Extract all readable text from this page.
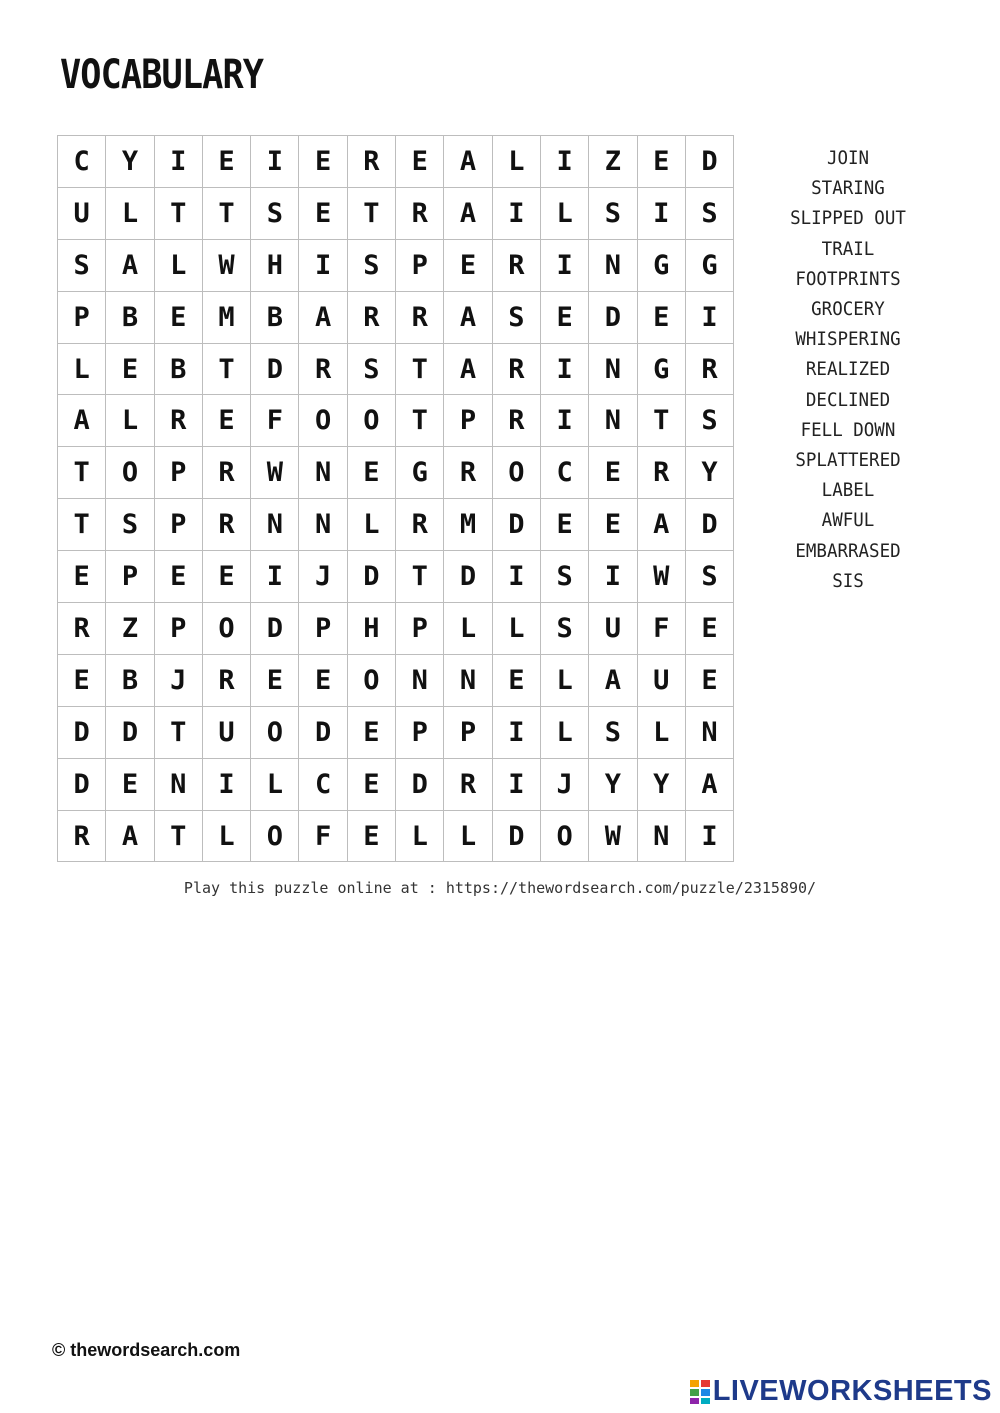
VOCABULARY
C	Y	I	E	I	E	R	E	A	L	I	Z	E	D
U	L	T	T	S	E	T	R	A	I	L	S	I	S
S	A	L	W	H	I	S	P	E	R	I	N	G	G
P	B	E	M	B	A	R	R	A	S	E	D	E	I
L	E	B	T	D	R	S	T	A	R	I	N	G	R
A	L	R	E	F	O	O	T	P	R	I	N	T	S
T	O	P	R	W	N	E	G	R	O	C	E	R	Y
T	S	P	R	N	N	L	R	M	D	E	E	A	D
E	P	E	E	I	J	D	T	D	I	S	I	W	S
R	Z	P	O	D	P	H	P	L	L	S	U	F	E
E	B	J	R	E	E	O	N	N	E	L	A	U	E
D	D	T	U	O	D	E	P	P	I	L	S	L	N
D	E	N	I	L	C	E	D	R	I	J	Y	Y	A
R	A	T	L	O	F	E	L	L	D	O	W	N	I
JOIN
STARING
SLIPPED OUT
TRAIL
FOOTPRINTS
GROCERY
WHISPERING
REALIZED
DECLINED
FELL DOWN
SPLATTERED
LABEL
AWFUL
EMBARRASED
SIS
Play this puzzle online at : https://thewordsearch.com/puzzle/2315890/
© thewordsearch.com
LIVEWORKSHEETS
